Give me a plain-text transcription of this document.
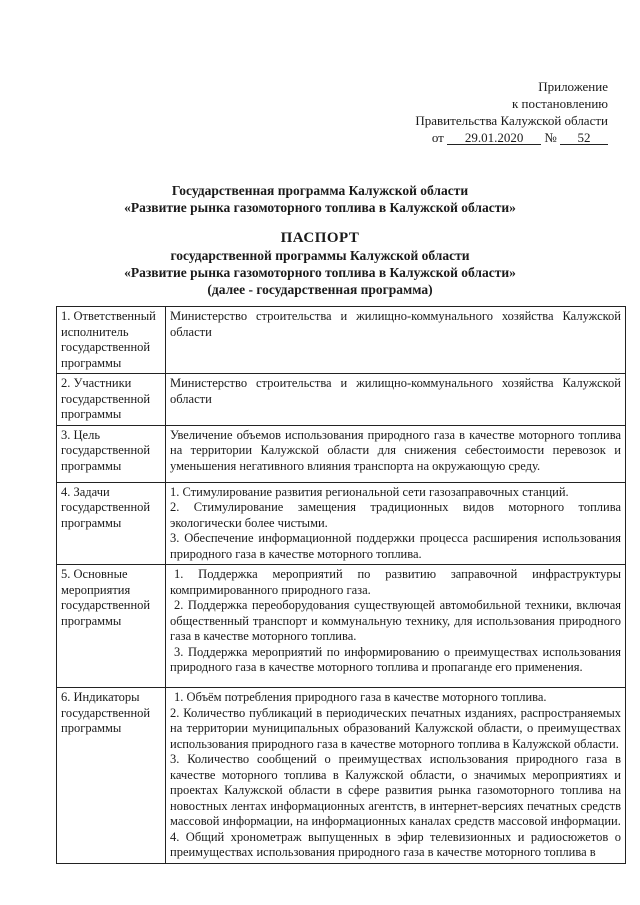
Приложение
к постановлению
Правительства Калужской области
от 29.01.2020 № 52
Государственная программа Калужской области
«Развитие рынка газомоторного топлива в Калужской области»
ПАСПОРТ
государственной программы Калужской области
«Развитие рынка газомоторного топлива в Калужской области»
(далее - государственная программа)
1. Ответственный исполнитель государственной программы	Министерство строительства и жилищно-коммунального хозяйства Калужской области

2. Участники государственной программы	Министерство строительства и жилищно-коммунального хозяйства Калужской области

3. Цель государственной программы	Увеличение объемов использования природного газа в качестве моторного топлива на территории Калужской области для снижения себестоимости перевозок и уменьшения негативного влияния транспорта на окружающую среду.

4. Задачи государственной программы	1. Стимулирование развития региональной сети газозаправочных станций.
2. Стимулирование замещения традиционных видов моторного топлива экологически более чистыми.
3. Обеспечение информационной поддержки процесса расширения использования природного газа в качестве моторного топлива.

5. Основные мероприятия государственной программы	1. Поддержка мероприятий по развитию заправочной инфраструктуры компримированного природного газа.
2. Поддержка переоборудования существующей автомобильной техники, включая общественный транспорт и коммунальную технику, для использования природного газа в качестве моторного топлива.
3. Поддержка мероприятий по информированию о преимуществах использования природного газа в качестве моторного топлива и пропаганде его применения.

6. Индикаторы государственной программы	1. Объём потребления природного газа в качестве моторного топлива.
2. Количество публикаций в периодических печатных изданиях, распространяемых на территории муниципальных образований Калужской области, о преимуществах использования природного газа в качестве моторного топлива в Калужской области.
3. Количество сообщений о преимуществах использования природного газа в качестве моторного топлива в Калужской области, о значимых мероприятиях и проектах Калужской области в сфере развития рынка газомоторного топлива на новостных лентах информационных агентств, в интернет-версиях печатных средств массовой информации, на информационных каналах средств массовой информации.
4. Общий хронометраж выпущенных в эфир телевизионных и радиосюжетов о преимуществах использования природного газа в качестве моторного топлива в
